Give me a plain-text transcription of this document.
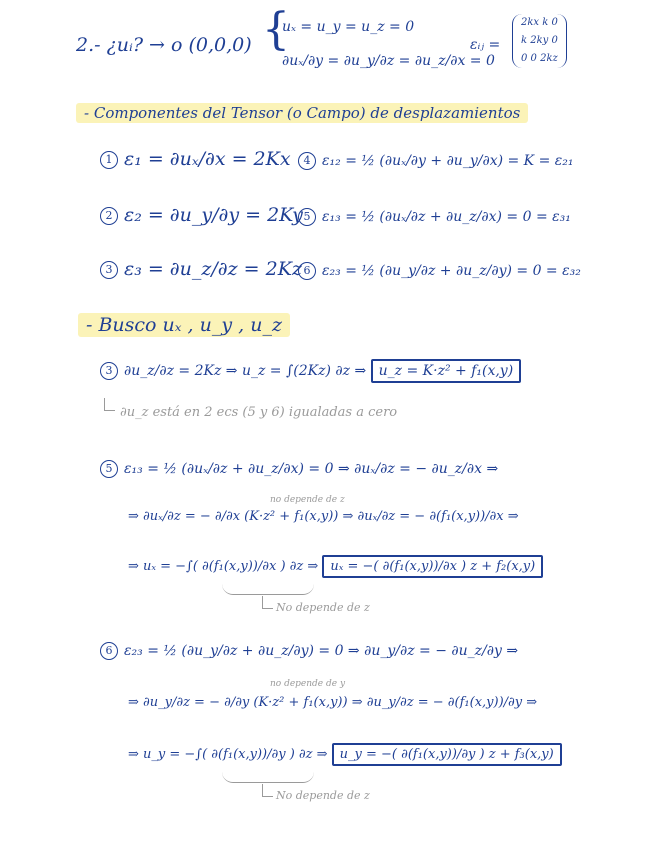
2.- ¿uᵢ? → o (0,0,0) {
uₓ = u_y = u_z = 0
∂uₓ/∂y = ∂u_y/∂z = ∂u_z/∂x = 0
εᵢⱼ =
2kx k 0
k 2ky 0
0 0 2kz
- Componentes del Tensor (o Campo) de desplazamientos
1 ε₁ = ∂uₓ/∂x = 2Kx
2 ε₂ = ∂u_y/∂y = 2Ky
3 ε₃ = ∂u_z/∂z = 2Kz
4 ε₁₂ = ½ (∂uₓ/∂y + ∂u_y/∂x) = K = ε₂₁
5 ε₁₃ = ½ (∂uₓ/∂z + ∂u_z/∂x) = 0 = ε₃₁
6 ε₂₃ = ½ (∂u_y/∂z + ∂u_z/∂y) = 0 = ε₃₂
- Busco uₓ , u_y , u_z
3 ∂u_z/∂z = 2Kz ⇒ u_z = ∫(2Kz) ∂z ⇒ u_z = K·z² + f₁(x,y)
∂u_z está en 2 ecs (5 y 6) igualadas a cero
5 ε₁₃ = ½ (∂uₓ/∂z + ∂u_z/∂x) = 0 ⇒ ∂uₓ/∂z = − ∂u_z/∂x ⇒
no depende de z
⇒ ∂uₓ/∂z = − ∂/∂x (K·z² + f₁(x,y)) ⇒ ∂uₓ/∂z = − ∂(f₁(x,y))/∂x ⇒
⇒ uₓ = −∫( ∂(f₁(x,y))/∂x ) ∂z ⇒ uₓ = −( ∂(f₁(x,y))/∂x ) z + f₂(x,y)
No depende de z
6 ε₂₃ = ½ (∂u_y/∂z + ∂u_z/∂y) = 0 ⇒ ∂u_y/∂z = − ∂u_z/∂y ⇒
no depende de y
⇒ ∂u_y/∂z = − ∂/∂y (K·z² + f₁(x,y)) ⇒ ∂u_y/∂z = − ∂(f₁(x,y))/∂y ⇒
⇒ u_y = −∫( ∂(f₁(x,y))/∂y ) ∂z ⇒ u_y = −( ∂(f₁(x,y))/∂y ) z + f₃(x,y)
No depende de z
